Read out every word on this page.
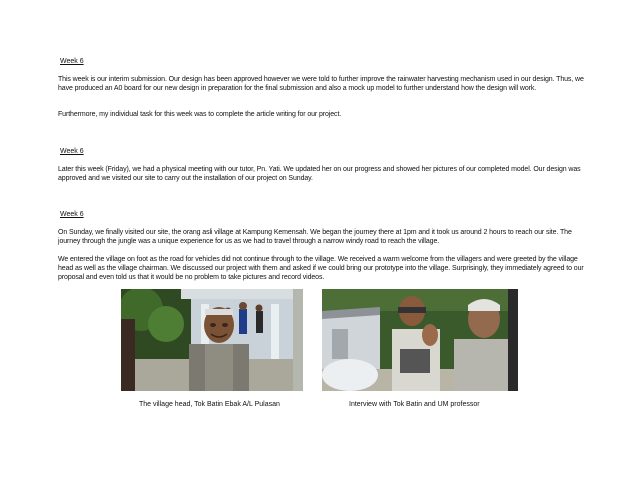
Week 6

This week is our interim submission. Our design has been approved however we were told to further improve the rainwater harvesting mechanism used in our design. Thus, we have produced an A0 board for our new design in preparation for the final submission and also a mock up model to further understand how the design will work.

Furthermore, my individual task for this week was to complete the article writing for our project.

Week 6

Later this week (Friday), we had a physical meeting with our tutor, Pn. Yati. We updated her on our progress and showed her pictures of our completed model. Our design was approved and we visited our site to carry out the installation of our project on Sunday.

Week 6

On Sunday, we finally visited our site, the orang asli village at Kampung Kemensah. We began the journey there at 1pm and it took us around 2 hours to reach our site. The journey through the jungle was a unique experience for us as we had to travel through a narrow windy road to reach the village.

We entered the village on foot as the road for vehicles did not continue through to the village. We received a warm welcome from the villagers and were greeted by the village head as well as the village chairman. We discussed our project with them and asked if we could bring our prototype into the village. Surprisingly, they immediately agreed to our proposal and even told us that it would be no problem to take pictures and record videos.

The village head, Tok Batin Ebak A/L Pulasan	Interview with Tok Batin and UM professor
